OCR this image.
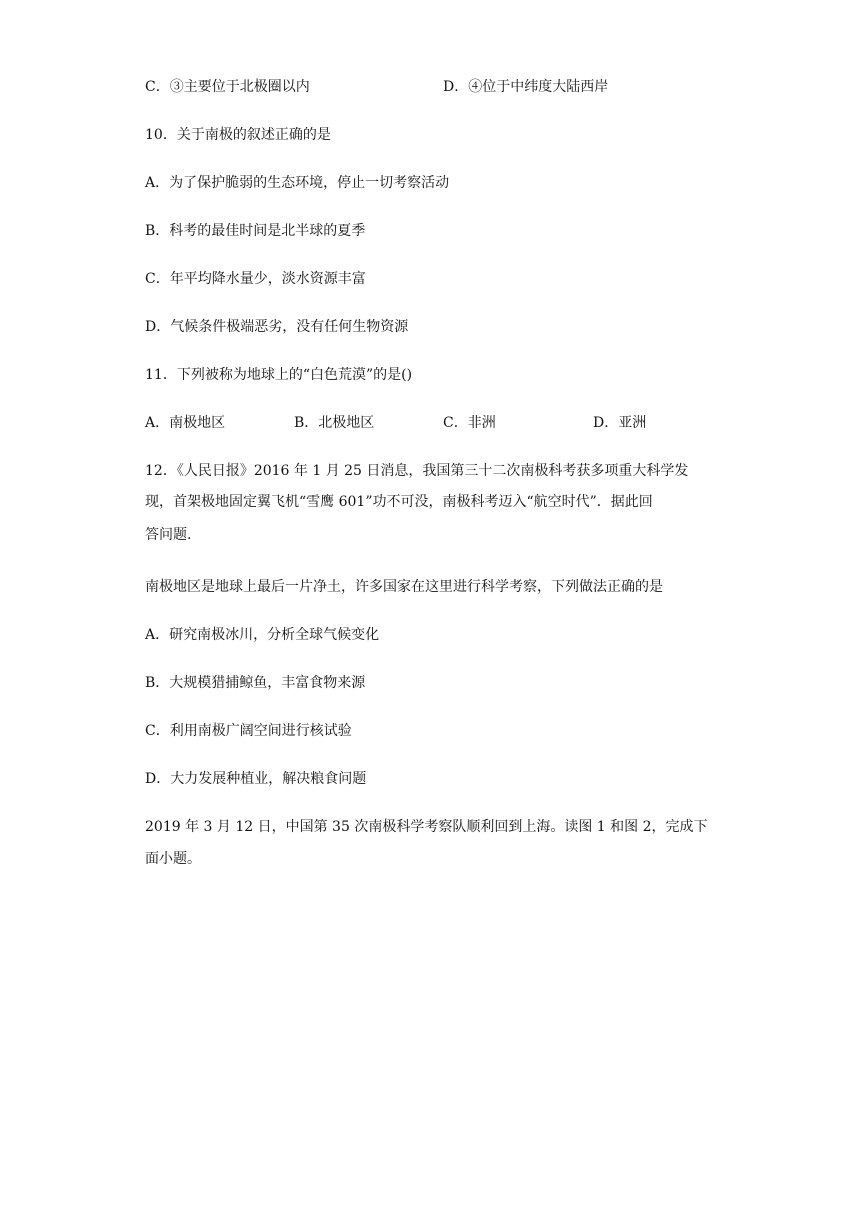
C．③主要位于北极圈以内	D．④位于中纬度大陆西岸
10．关于南极的叙述正确的是
A．为了保护脆弱的生态环境，停止一切考察活动
B．科考的最佳时间是北半球的夏季
C．年平均降水量少，淡水资源丰富
D．气候条件极端恶劣，没有任何生物资源
11．下列被称为地球上的“白色荒漠”的是()
A．南极地区	B．北极地区	C．非洲	D．亚洲
12．《人民日报》2016 年 1 月 25 日消息，我国第三十二次南极科考获多项重大科学发
现，首架极地固定翼飞机“雪鹰 601”功不可没，南极科考迈入“航空时代”．据此回
答问题.
南极地区是地球上最后一片净土，许多国家在这里进行科学考察，下列做法正确的是
A．研究南极冰川，分析全球气候变化
B．大规模猎捕鲸鱼，丰富食物来源
C．利用南极广阔空间进行核试验
D．大力发展种植业，解决粮食问题
2019 年 3 月 12 日，中国第 35 次南极科学考察队顺利回到上海。读图 1 和图 2，完成下
面小题。
